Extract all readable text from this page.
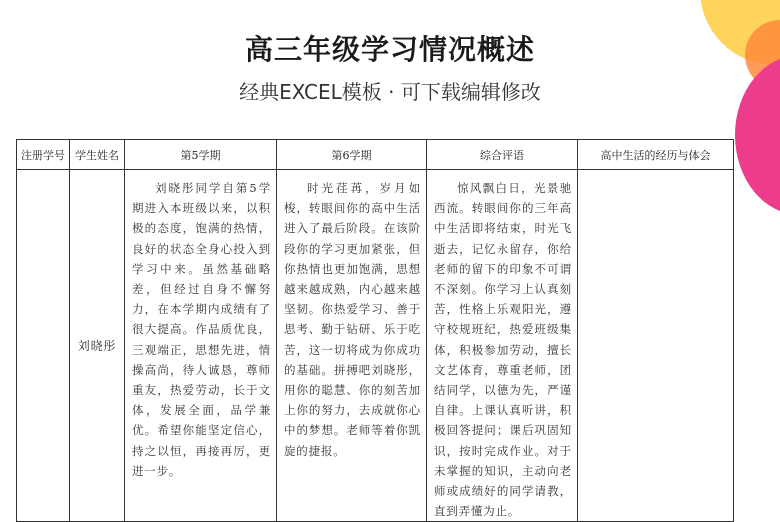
高三年级学习情况概述
经典EXCEL模板 · 可下载编辑修改
注册学号	学生姓名	第5学期	第6学期	综合评语	高中生活的经历与体会
	刘晓彤	刘晓彤同学自第5学期进入本班级以来，以积极的态度，饱满的热情，良好的状态全身心投入到学习中来。虽然基础略差，但经过自身不懈努力，在本学期内成绩有了很大提高。作品质优良，三观端正，思想先进，情操高尚，待人诚恳，尊师重友，热爱劳动，长于文体，发展全面，品学兼优。希望你能坚定信心，持之以恒，再接再厉，更进一步。	时光荏苒，岁月如梭，转眼间你的高中生活进入了最后阶段。在该阶段你的学习更加紧张，但你热情也更加饱满，思想越来越成熟，内心越来越坚韧。你热爱学习、善于思考、勤于钻研、乐于吃苦，这一切将成为你成功的基础。拼搏吧刘晓彤，用你的聪慧、你的刻苦加上你的努力，去成就你心中的梦想。老师等着你凯旋的捷报。	惊风飘白日，光景驰西流。转眼间你的三年高中生活即将结束，时光飞逝去，记忆永留存，你给老师的留下的印象不可谓不深刻。你学习上认真刻苦，性格上乐观阳光，遵守校规班纪，热爱班级集体，积极参加劳动，擅长文艺体育，尊重老师，团结同学，以德为先，严谨自律。上课认真听讲，积极回答提问；课后巩固知识，按时完成作业。对于未掌握的知识，主动向老师或成绩好的同学请教，直到弄懂为止。	
